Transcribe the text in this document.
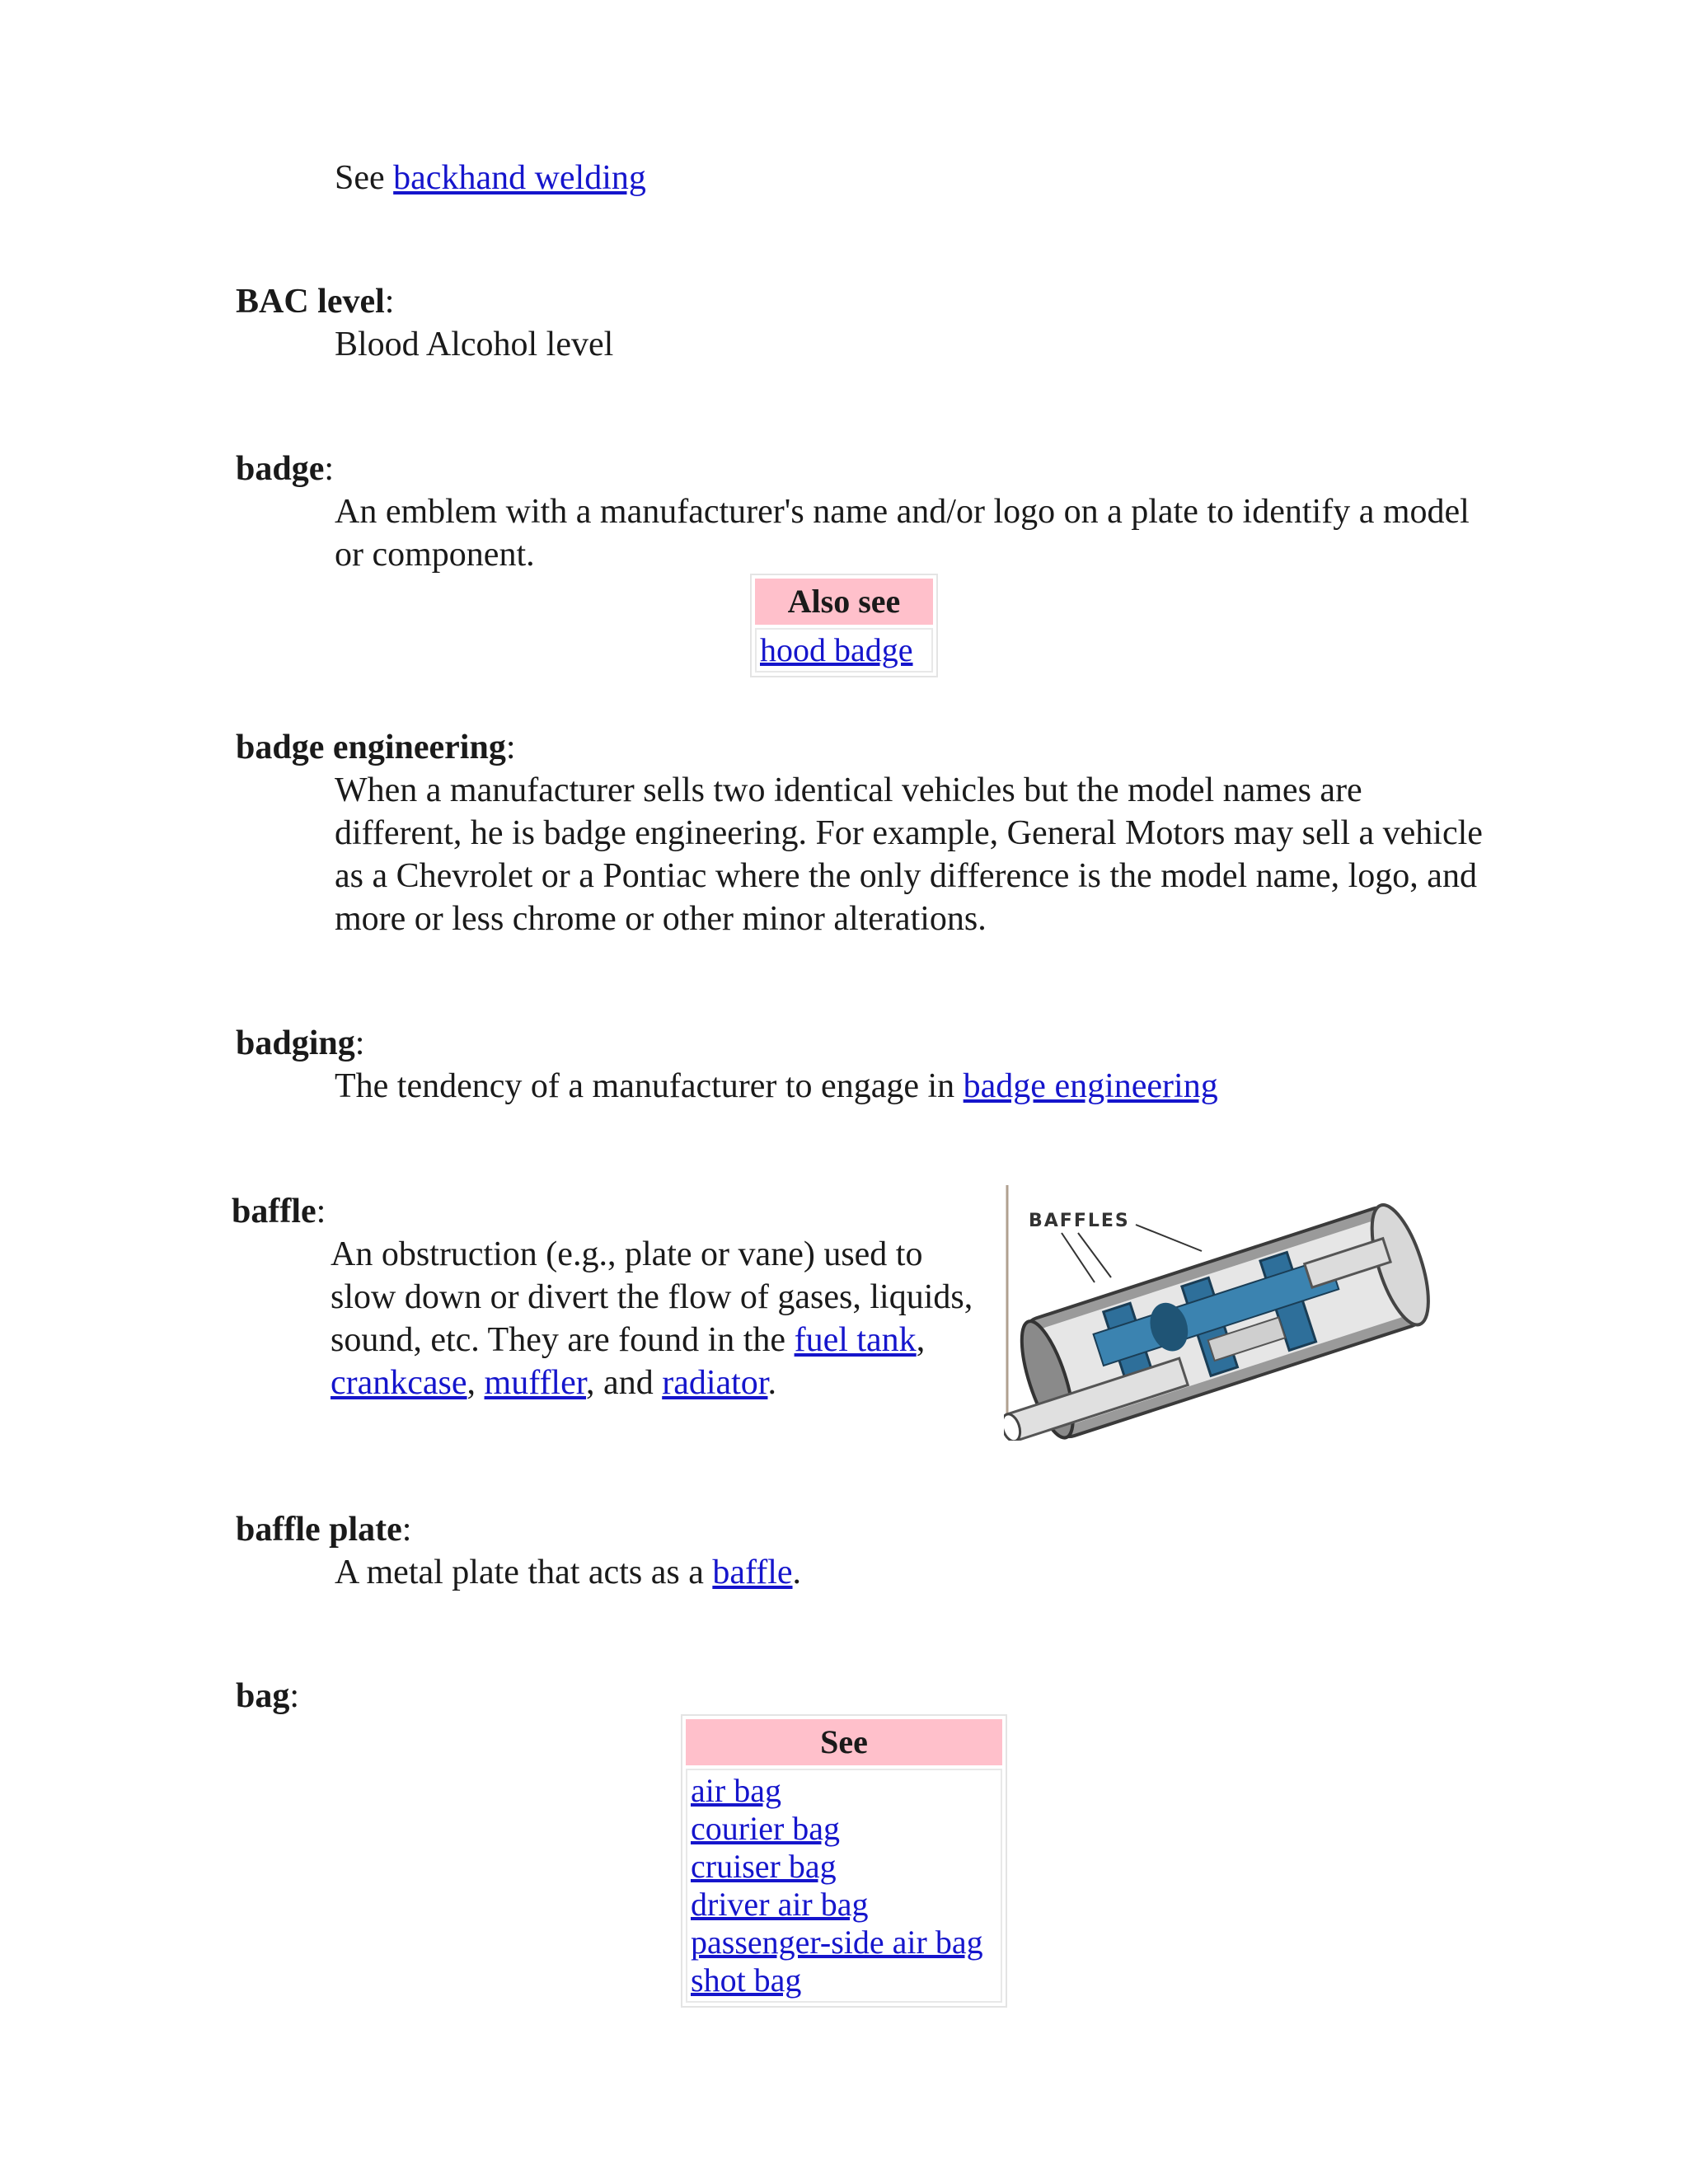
See backhand welding
BAC level:
Blood Alcohol level
badge:
An emblem with a manufacturer's name and/or logo on a plate to identify a model or component.
Also see
hood badge
badge engineering:
When a manufacturer sells two identical vehicles but the model names are different, he is badge engineering. For example, General Motors may sell a vehicle as a Chevrolet or a Pontiac where the only difference is the model name, logo, and more or less chrome or other minor alterations.
badging:
The tendency of a manufacturer to engage in badge engineering
baffle:
An obstruction (e.g., plate or vane) used to slow down or divert the flow of gases, liquids, sound, etc. They are found in the fuel tank, crankcase, muffler, and radiator.
BAFFLES
baffle plate:
A metal plate that acts as a baffle.
bag:
See
air bag
courier bag
cruiser bag
driver air bag
passenger-side air bag
shot bag
